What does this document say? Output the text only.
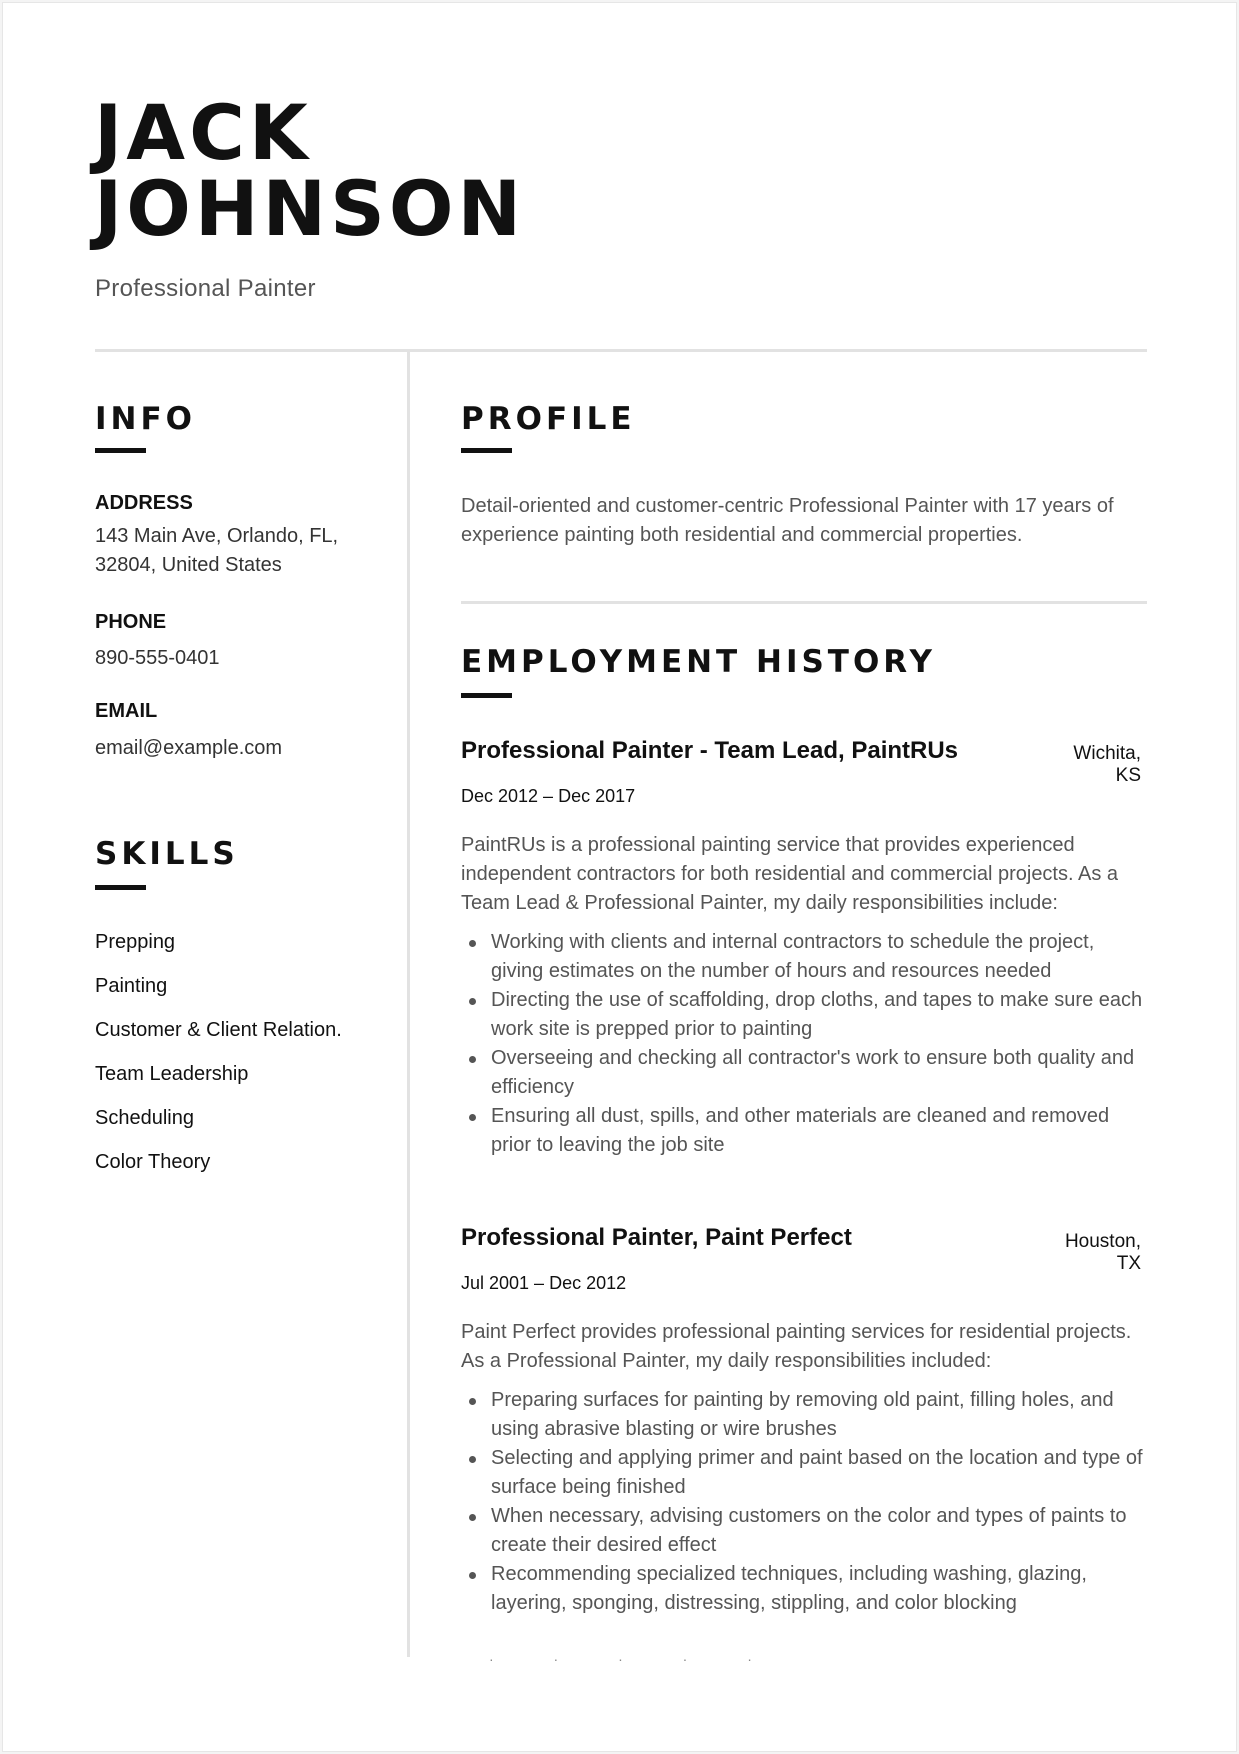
JACK
JOHNSON
Professional Painter
INFO
ADDRESS
143 Main Ave, Orlando, FL,
32804, United States
PHONE
890-555-0401
EMAIL
email@example.com
SKILLS
Prepping
Painting
Customer & Client Relation.
Team Leadership
Scheduling
Color Theory
PROFILE
Detail-oriented and customer-centric Professional Painter with 17 years of experience painting both residential and commercial properties.
EMPLOYMENT HISTORY
Professional Painter - Team Lead, PaintRUs	Wichita,
KS
Dec 2012 – Dec 2017
PaintRUs is a professional painting service that provides experienced independent contractors for both residential and commercial projects. As a Team Lead & Professional Painter, my daily responsibilities include:
Working with clients and internal contractors to schedule the project, giving estimates on the number of hours and resources needed
Directing the use of scaffolding, drop cloths, and tapes to make sure each work site is prepped prior to painting
Overseeing and checking all contractor's work to ensure both quality and efficiency
Ensuring all dust, spills, and other materials are cleaned and removed prior to leaving the job site
Professional Painter, Paint Perfect	Houston,
TX
Jul 2001 – Dec 2012
Paint Perfect provides professional painting services for residential projects. As a Professional Painter, my daily responsibilities included:
Preparing surfaces for painting by removing old paint, filling holes, and using abrasive blasting or wire brushes
Selecting and applying primer and paint based on the location and type of surface being finished
When necessary, advising customers on the color and types of paints to create their desired effect
Recommending specialized techniques, including washing, glazing, layering, sponging, distressing, stippling, and color blocking
· · · · ·
